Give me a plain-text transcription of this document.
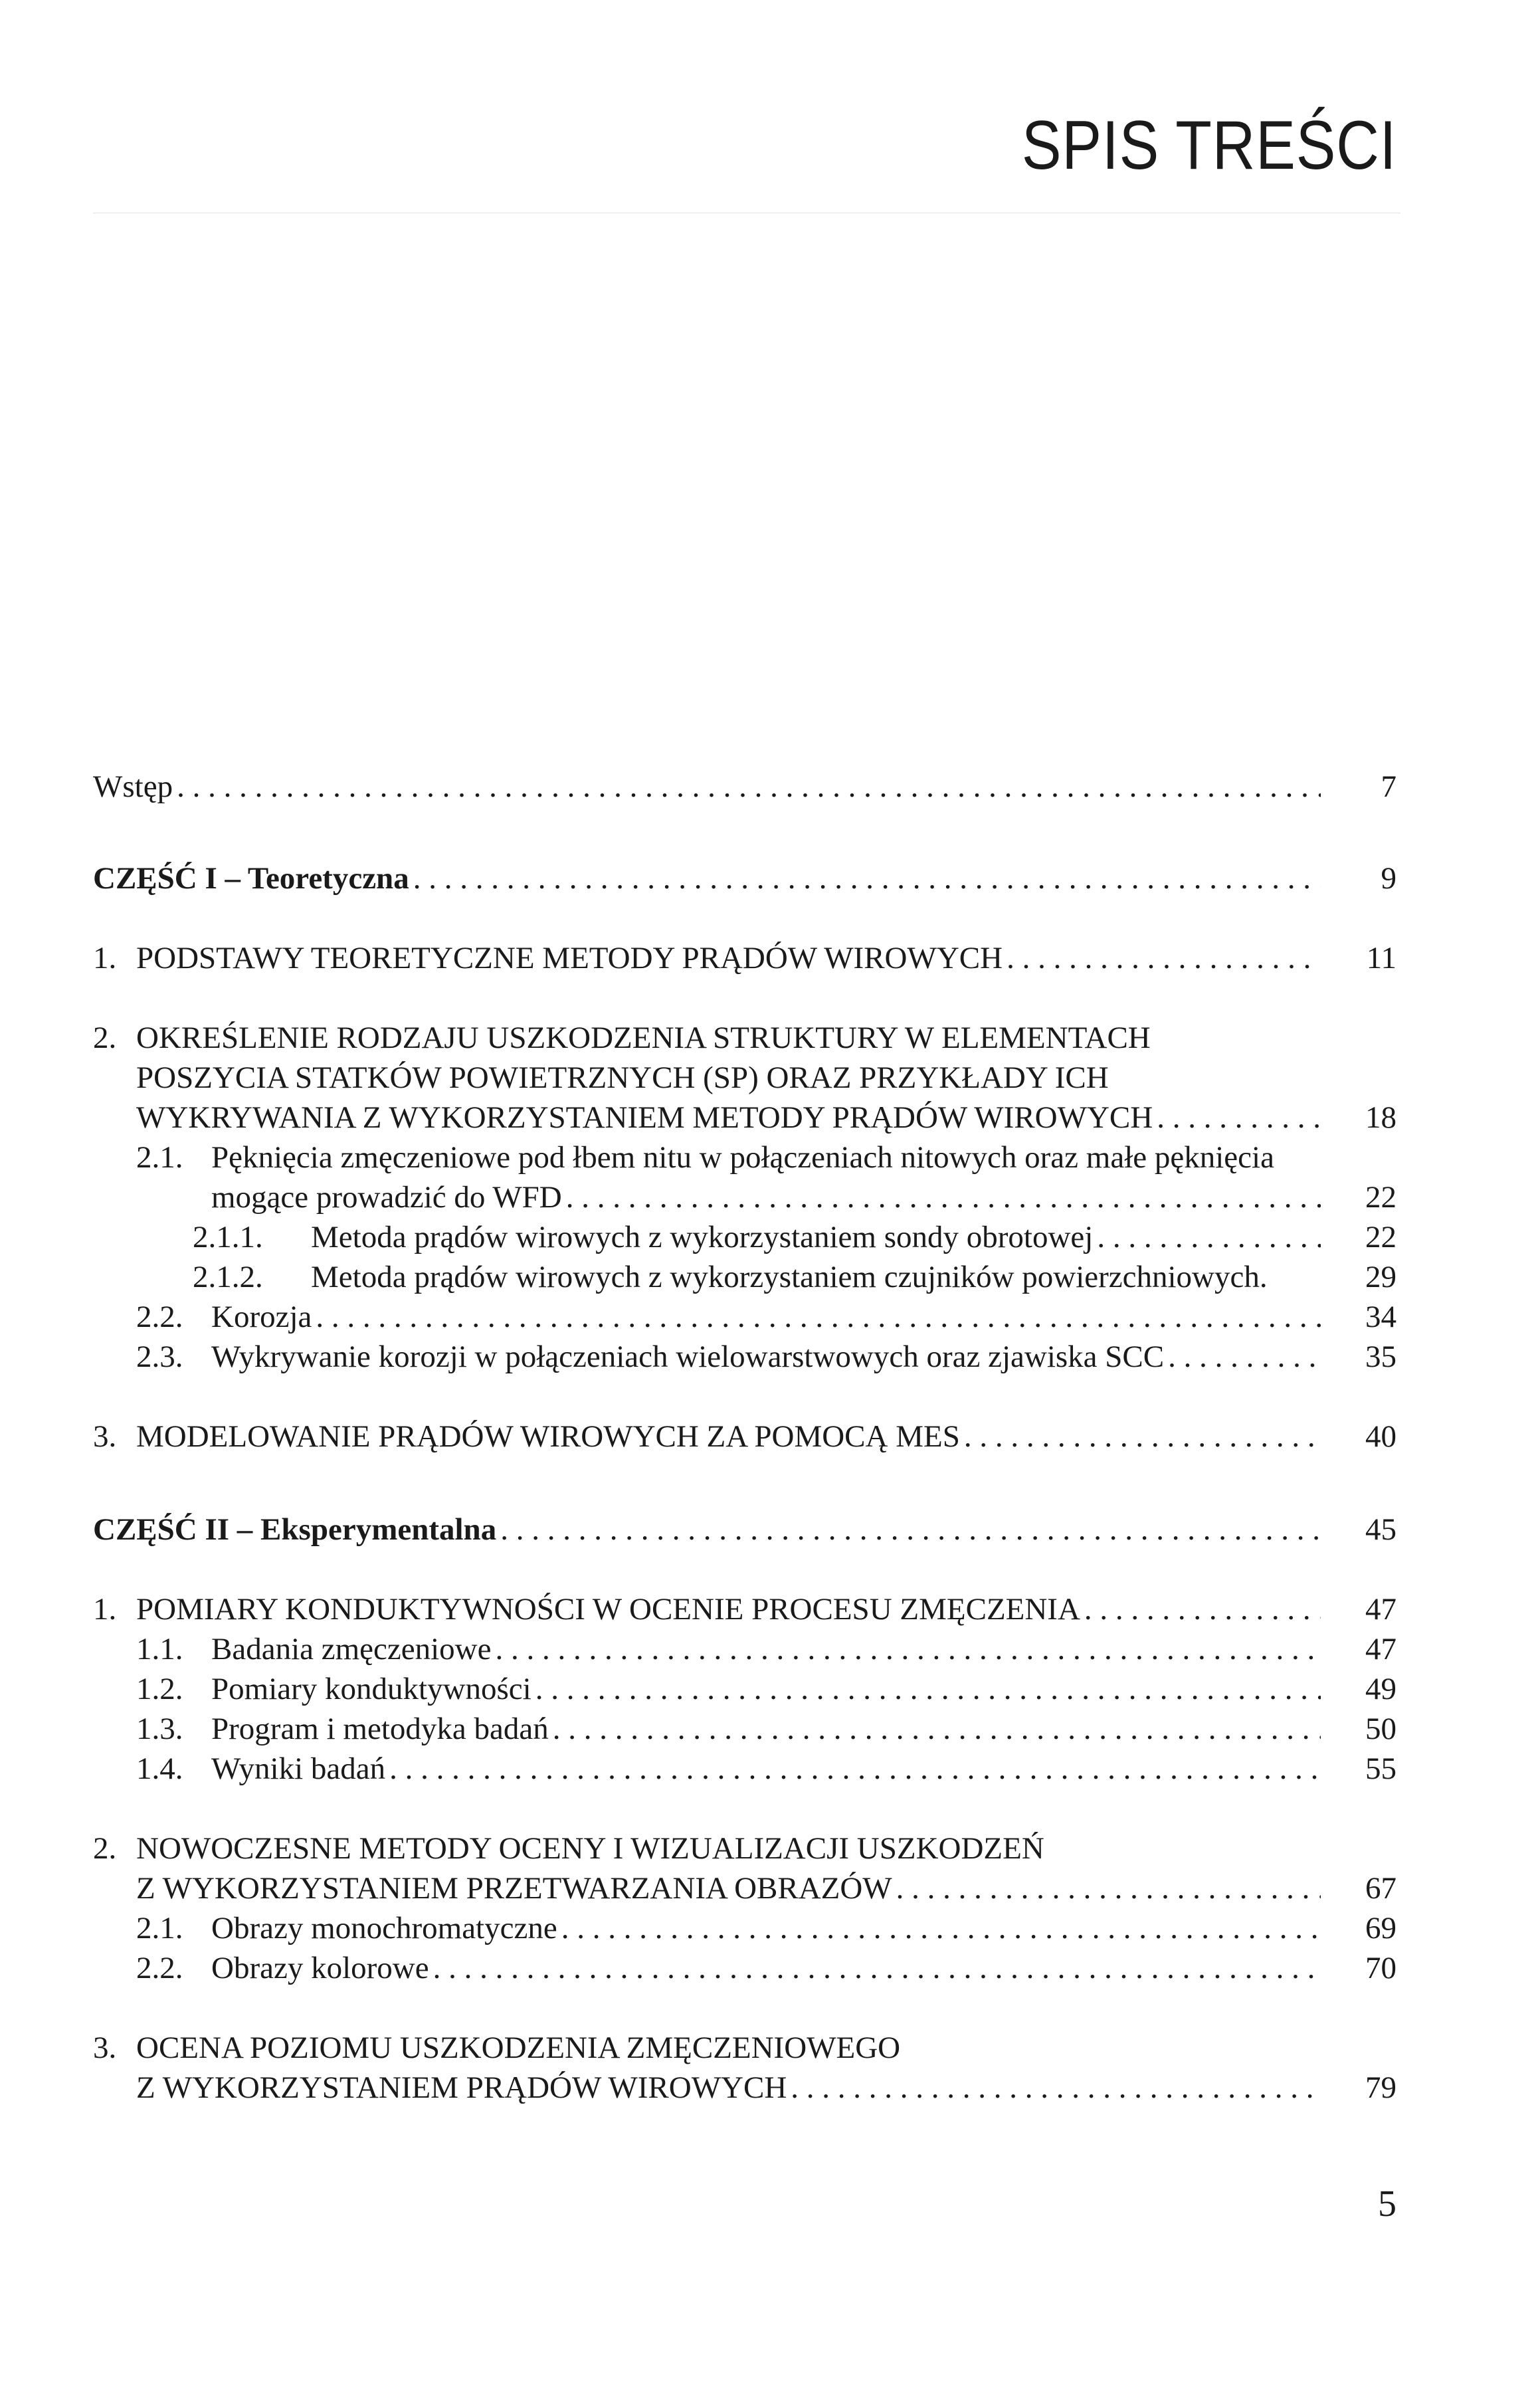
SPIS TREŚCI
Wstęp . . .	7
CZĘŚĆ I – Teoretyczna . . .	9
1. PODSTAWY TEORETYCZNE METODY PRĄDÓW WIROWYCH . . .	11
2. OKREŚLENIE RODZAJU USZKODZENIA STRUKTURY W ELEMENTACH
POSZYCIA STATKÓW POWIETRZNYCH (SP) ORAZ PRZYKŁADY ICH
WYKRYWANIA Z WYKORZYSTANIEM METODY PRĄDÓW WIROWYCH . . .	18
2.1. Pęknięcia zmęczeniowe pod łbem nitu w połączeniach nitowych oraz małe pęknięcia
mogące prowadzić do WFD . . .	22
2.1.1. Metoda prądów wirowych z wykorzystaniem sondy obrotowej . . .	22
2.1.2. Metoda prądów wirowych z wykorzystaniem czujników powierzchniowych.	29
2.2. Korozja . . .	34
2.3. Wykrywanie korozji w połączeniach wielowarstwowych oraz zjawiska SCC . . .	35
3. MODELOWANIE PRĄDÓW WIROWYCH ZA POMOCĄ MES . . .	40
CZĘŚĆ II – Eksperymentalna . . .	45
1. POMIARY KONDUKTYWNOŚCI W OCENIE PROCESU ZMĘCZENIA . . .	47
1.1. Badania zmęczeniowe . . .	47
1.2. Pomiary konduktywności . . .	49
1.3. Program i metodyka badań . . .	50
1.4. Wyniki badań . . .	55
2. NOWOCZESNE METODY OCENY I WIZUALIZACJI USZKODZEŃ
Z WYKORZYSTANIEM PRZETWARZANIA OBRAZÓW . . .	67
2.1. Obrazy monochromatyczne . . .	69
2.2. Obrazy kolorowe . . .	70
3. OCENA POZIOMU USZKODZENIA ZMĘCZENIOWEGO
Z WYKORZYSTANIEM PRĄDÓW WIROWYCH . . .	79
5
